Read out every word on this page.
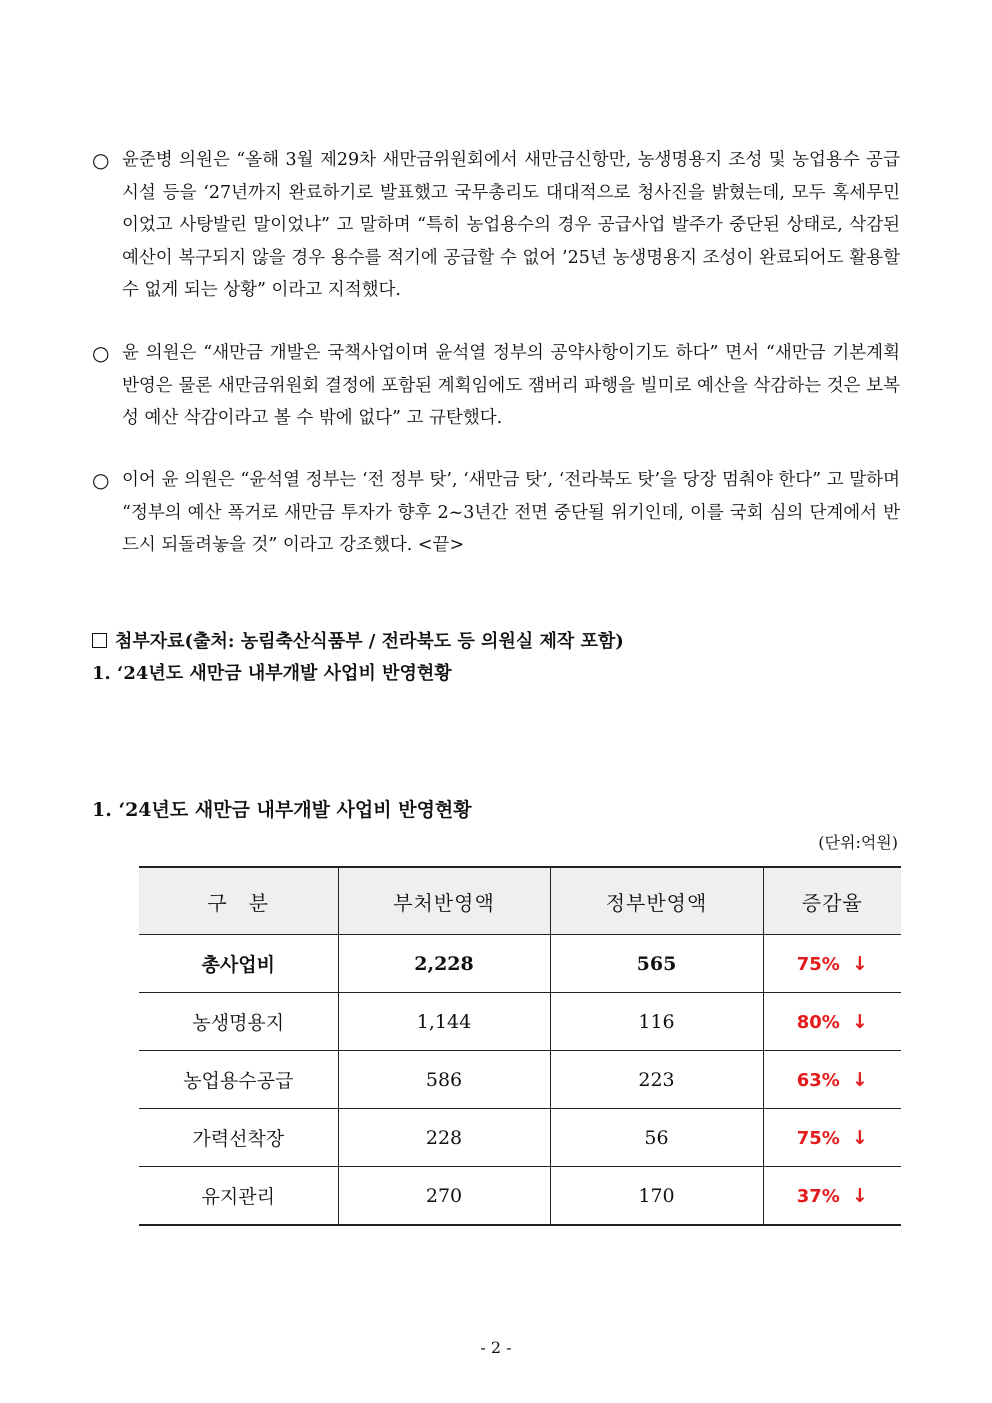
○ 윤준병 의원은 “올해 3월 제29차 새만금위원회에서 새만금신항만, 농생명용지 조성 및 농업용수 공급시설 등을 ‘27년까지 완료하기로 발표했고 국무총리도 대대적으로 청사진을 밝혔는데, 모두 혹세무민이었고 사탕발린 말이었냐” 고 말하며 “특히 농업용수의 경우 공급사업 발주가 중단된 상태로, 삭감된 예산이 복구되지 않을 경우 용수를 적기에 공급할 수 없어 ’25년 농생명용지 조성이 완료되어도 활용할 수 없게 되는 상황” 이라고 지적했다.
○ 윤 의원은 “새만금 개발은 국책사업이며 윤석열 정부의 공약사항이기도 하다” 면서 “새만금 기본계획 반영은 물론 새만금위원회 결정에 포함된 계획임에도 잼버리 파행을 빌미로 예산을 삭감하는 것은 보복성 예산 삭감이라고 볼 수 밖에 없다” 고 규탄했다.
○ 이어 윤 의원은 “윤석열 정부는 ‘전 정부 탓’, ‘새만금 탓’, ‘전라북도 탓’을 당장 멈춰야 한다” 고 말하며 “정부의 예산 폭거로 새만금 투자가 향후 2~3년간 전면 중단될 위기인데, 이를 국회 심의 단계에서 반드시 되돌려놓을 것” 이라고 강조했다. <끝>
첨부자료(출처: 농림축산식품부 / 전라북도 등 의원실 제작 포함)
1. ‘24년도 새만금 내부개발 사업비 반영현황
1. ‘24년도 새만금 내부개발 사업비 반영현황
(단위:억원)
구　분	부처반영액	정부반영액	증감율
총사업비	2,228	565	75% ↓
농생명용지	1,144	116	80% ↓
농업용수공급	586	223	63% ↓
가력선착장	228	56	75% ↓
유지관리	270	170	37% ↓
- 2 -
